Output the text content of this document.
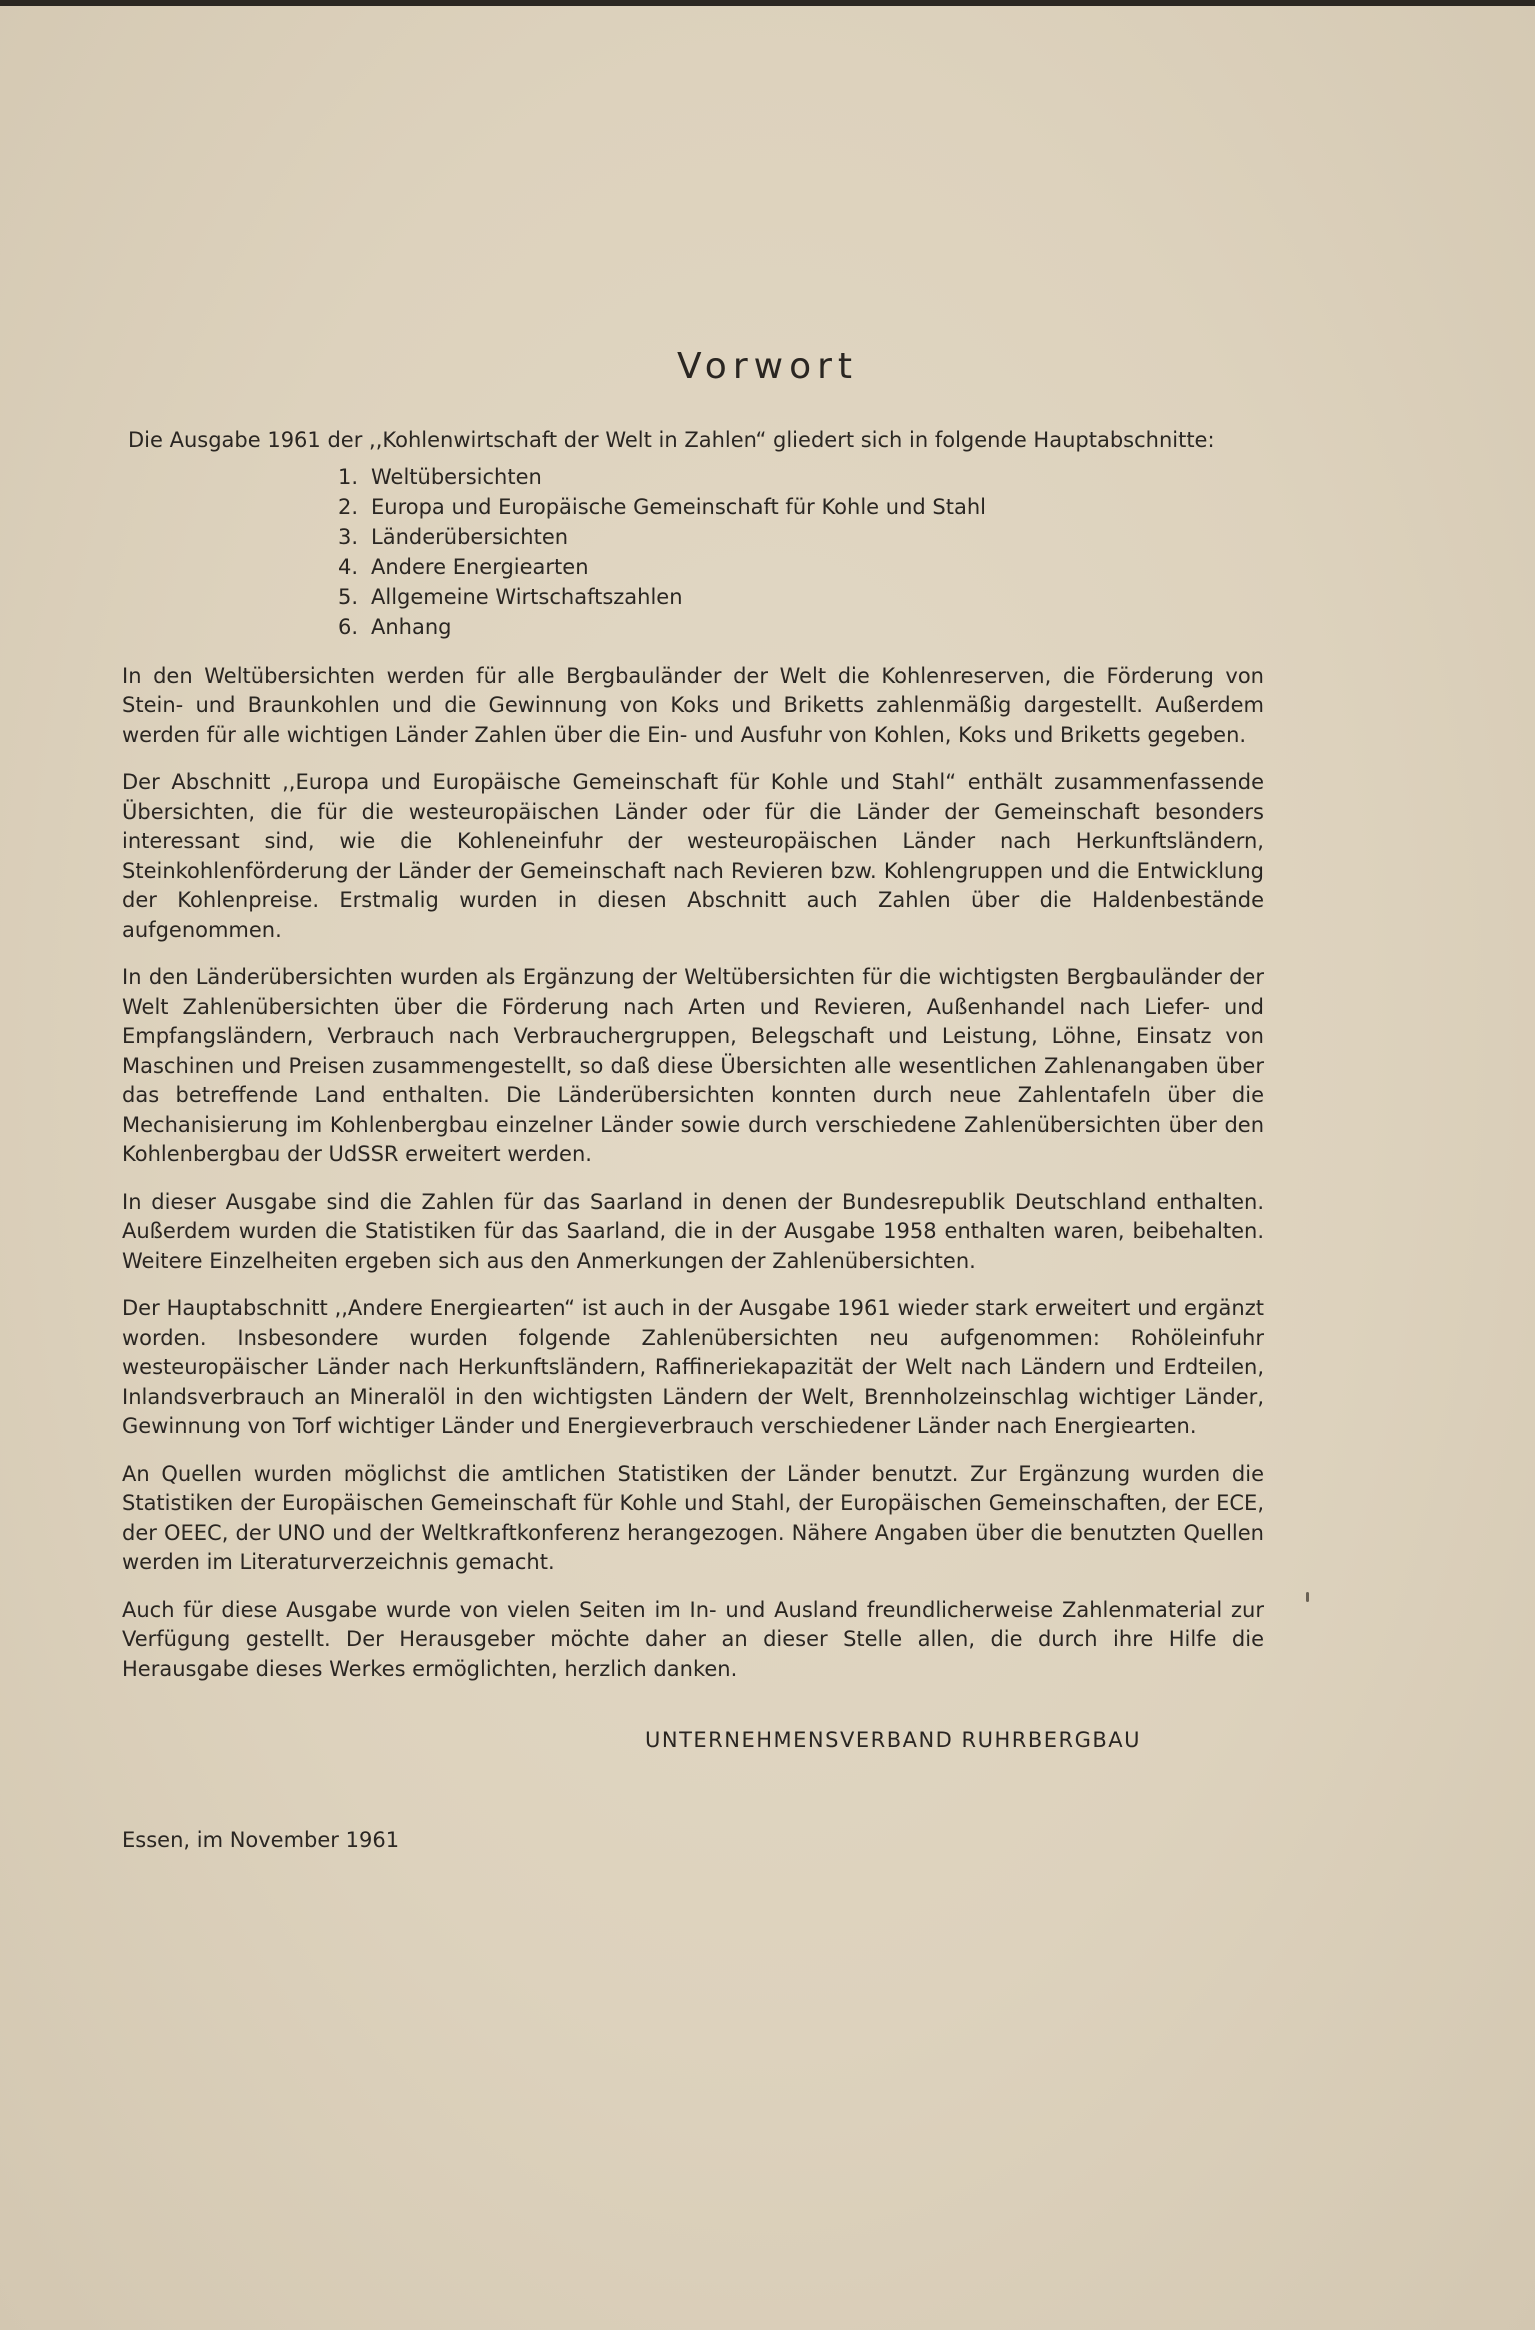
Vorwort

Die Ausgabe 1961 der ,,Kohlenwirtschaft der Welt in Zahlen“ gliedert sich in folgende Hauptabschnitte:

1. Weltübersichten
2. Europa und Europäische Gemeinschaft für Kohle und Stahl
3. Länderübersichten
4. Andere Energiearten
5. Allgemeine Wirtschaftszahlen
6. Anhang

In den Weltübersichten werden für alle Bergbauländer der Welt die Kohlenreserven, die Förderung von Stein- und Braunkohlen und die Gewinnung von Koks und Briketts zahlenmäßig dargestellt. Außerdem werden für alle wichtigen Länder Zahlen über die Ein- und Ausfuhr von Kohlen, Koks und Briketts gegeben.

Der Abschnitt ,,Europa und Europäische Gemeinschaft für Kohle und Stahl“ enthält zusammenfassende Übersichten, die für die westeuropäischen Länder oder für die Länder der Gemeinschaft besonders interessant sind, wie die Kohleneinfuhr der westeuropäischen Länder nach Herkunftsländern, Steinkohlenförderung der Länder der Gemeinschaft nach Revieren bzw. Kohlengruppen und die Entwicklung der Kohlenpreise. Erstmalig wurden in diesen Abschnitt auch Zahlen über die Haldenbestände aufgenommen.

In den Länderübersichten wurden als Ergänzung der Weltübersichten für die wichtigsten Bergbauländer der Welt Zahlenübersichten über die Förderung nach Arten und Revieren, Außenhandel nach Liefer- und Empfangsländern, Verbrauch nach Verbrauchergruppen, Belegschaft und Leistung, Löhne, Einsatz von Maschinen und Preisen zusammengestellt, so daß diese Übersichten alle wesentlichen Zahlenangaben über das betreffende Land enthalten. Die Länderübersichten konnten durch neue Zahlentafeln über die Mechanisierung im Kohlenbergbau einzelner Länder sowie durch verschiedene Zahlenübersichten über den Kohlenbergbau der UdSSR erweitert werden.

In dieser Ausgabe sind die Zahlen für das Saarland in denen der Bundesrepublik Deutschland enthalten. Außerdem wurden die Statistiken für das Saarland, die in der Ausgabe 1958 enthalten waren, beibehalten. Weitere Einzelheiten ergeben sich aus den Anmerkungen der Zahlenübersichten.

Der Hauptabschnitt ,,Andere Energiearten“ ist auch in der Ausgabe 1961 wieder stark erweitert und ergänzt worden. Insbesondere wurden folgende Zahlenübersichten neu aufgenommen: Rohöleinfuhr westeuropäischer Länder nach Herkunftsländern, Raffineriekapazität der Welt nach Ländern und Erdteilen, Inlandsverbrauch an Mineralöl in den wichtigsten Ländern der Welt, Brennholzeinschlag wichtiger Länder, Gewinnung von Torf wichtiger Länder und Energieverbrauch verschiedener Länder nach Energiearten.

An Quellen wurden möglichst die amtlichen Statistiken der Länder benutzt. Zur Ergänzung wurden die Statistiken der Europäischen Gemeinschaft für Kohle und Stahl, der Europäischen Gemeinschaften, der ECE, der OEEC, der UNO und der Weltkraftkonferenz herangezogen. Nähere Angaben über die benutzten Quellen werden im Literaturverzeichnis gemacht.

Auch für diese Ausgabe wurde von vielen Seiten im In- und Ausland freundlicherweise Zahlenmaterial zur Verfügung gestellt. Der Herausgeber möchte daher an dieser Stelle allen, die durch ihre Hilfe die Herausgabe dieses Werkes ermöglichten, herzlich danken.

UNTERNEHMENSVERBAND RUHRBERGBAU
Essen, im November 1961
